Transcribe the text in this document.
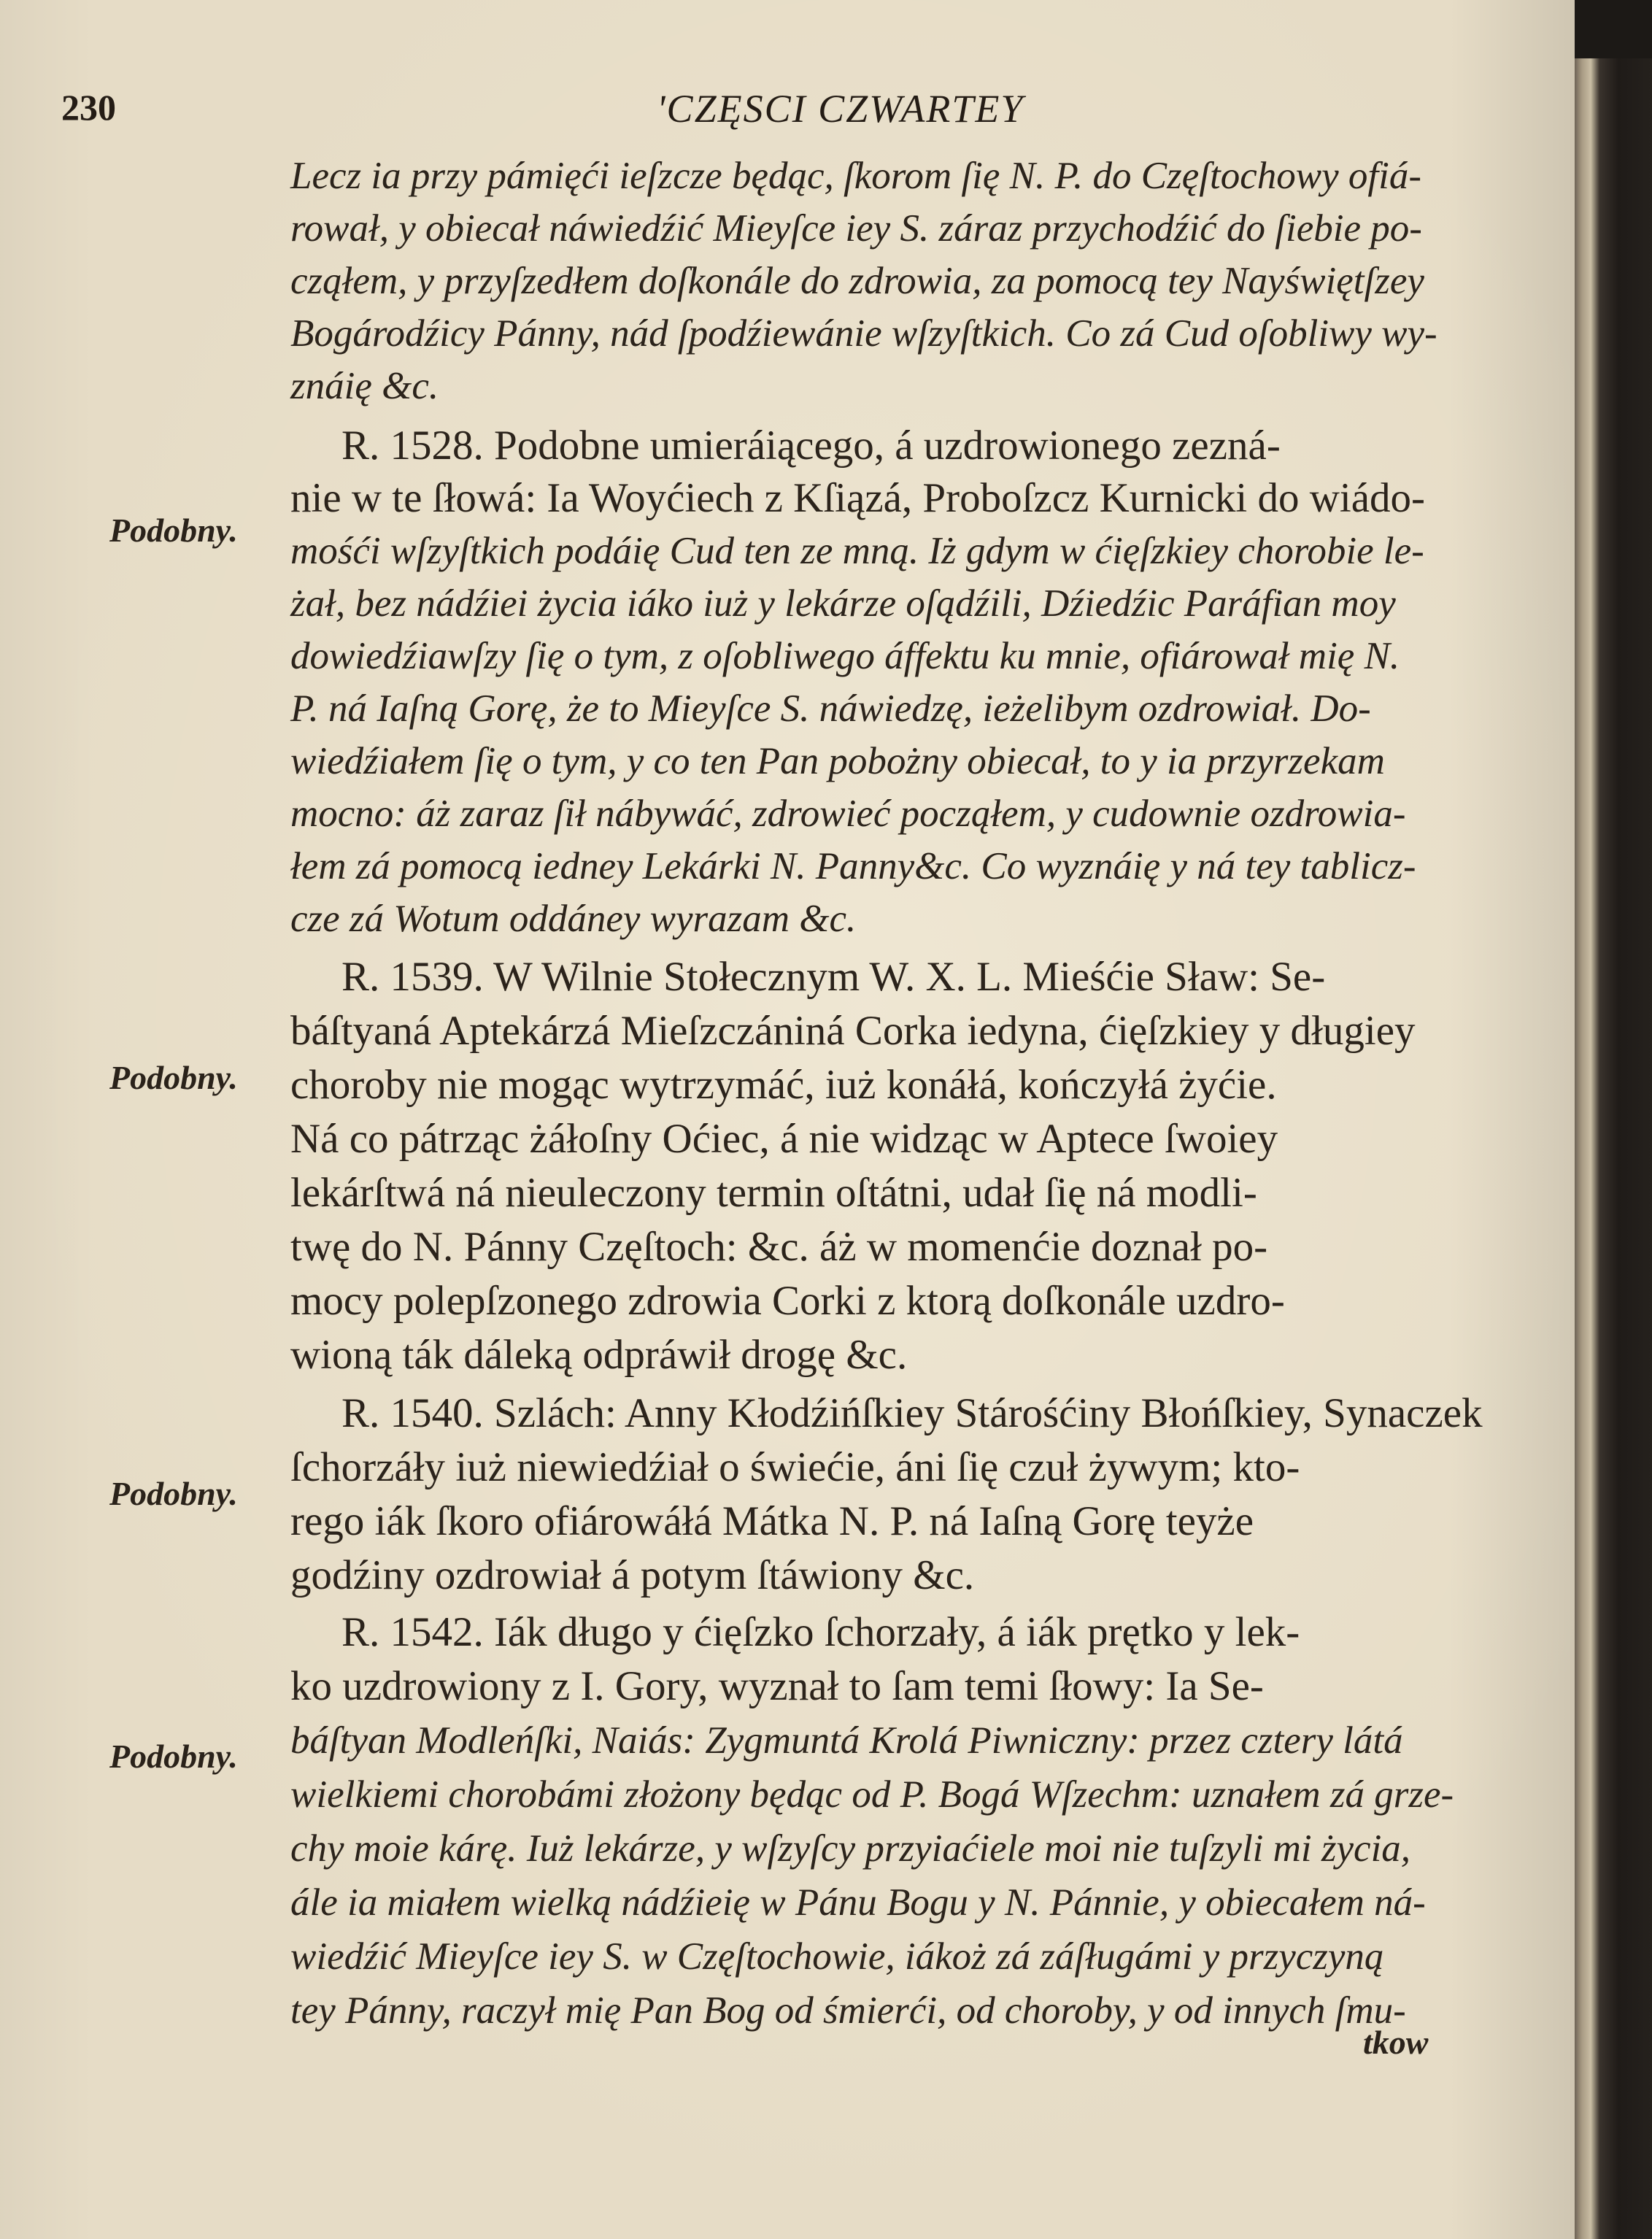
230	'CZĘSCI CZWARTEY
Lecz ia przy pámięći ieſzcze będąc, ſkorom ſię N. P. do Częſtochowy ofiá-
rował, y obiecał náwiedźić Mieyſce iey S. záraz przychodźić do ſiebie po-
cząłem, y przyſzedłem doſkonále do zdrowia, za pomocą tey Nayświętſzey
Bogárodźicy Pánny, nád ſpodźiewánie wſzyſtkich. Co zá Cud oſobliwy wy-
znáię &c.
R. 1528. Podobne umieráiącego, á uzdrowionego zezná-
nie w te ſłowá: Ia Woyćiech z Kſiązá, Proboſzcz Kurnicki do wiádo-
mośći wſzyſtkich podáię Cud ten ze mną. Iż gdym w ćięſzkiey chorobie le-
żał, bez nádźiei życia iáko iuż y lekárze oſądźili, Dźiedźic Paráfian moy
dowiedźiawſzy ſię o tym, z oſobliwego áffektu ku mnie, ofiárował mię N.
P. ná Iaſną Gorę, że to Mieyſce S. náwiedzę, ieżelibym ozdrowiał. Do-
wiedźiałem ſię o tym, y co ten Pan pobożny obiecał, to y ia przyrzekam
mocno: áż zaraz ſił nábywáć, zdrowieć począłem, y cudownie ozdrowia-
łem zá pomocą iedney Lekárki N. Panny&c. Co wyznáię y ná tey tablicz-
cze zá Wotum oddáney wyrazam &c.
R. 1539. W Wilnie Stołecznym W. X. L. Mieśćie Sław: Se-
báſtyaná Aptekárzá Mieſzczániná Corka iedyna, ćięſzkiey y długiey
choroby nie mogąc wytrzymáć, iuż konáłá, kończyłá żyćie.
Ná co pátrząc żáłoſny Oćiec, á nie widząc w Aptece ſwoiey
lekárſtwá ná nieuleczony termin oſtátni, udał ſię ná modli-
twę do N. Pánny Częſtoch: &c. áż w momenćie doznał po-
mocy polepſzonego zdrowia Corki z ktorą doſkonále uzdro-
wioną ták dáleką odpráwił drogę &c.
R. 1540. Szlách: Anny Kłodźińſkiey Stárośćiny Błońſkiey, Synaczek
ſchorzáły iuż niewiedźiał o świećie, áni ſię czuł żywym; kto-
rego iák ſkoro ofiárowáłá Mátka N. P. ná Iaſną Gorę teyże
godźiny ozdrowiał á potym ſtáwiony &c.
R. 1542. Iák długo y ćięſzko ſchorzały, á iák prętko y lek-
ko uzdrowiony z I. Gory, wyznał to ſam temi ſłowy: Ia Se-
báſtyan Modleńſki, Naiás: Zygmuntá Krolá Piwniczny: przez cztery látá
wielkiemi chorobámi złożony będąc od P. Bogá Wſzechm: uznałem zá grze-
chy moie kárę. Iuż lekárze, y wſzyſcy przyiaćiele moi nie tuſzyli mi życia,
ále ia miałem wielką nádźieię w Pánu Bogu y N. Pánnie, y obiecałem ná-
wiedźić Mieyſce iey S. w Częſtochowie, iákoż zá záſługámi y przyczyną
tey Pánny, raczył mię Pan Bog od śmierći, od choroby, y od innych ſmu-
Podobny.
Podobny.
Podobny.
Podobny.
tkow
